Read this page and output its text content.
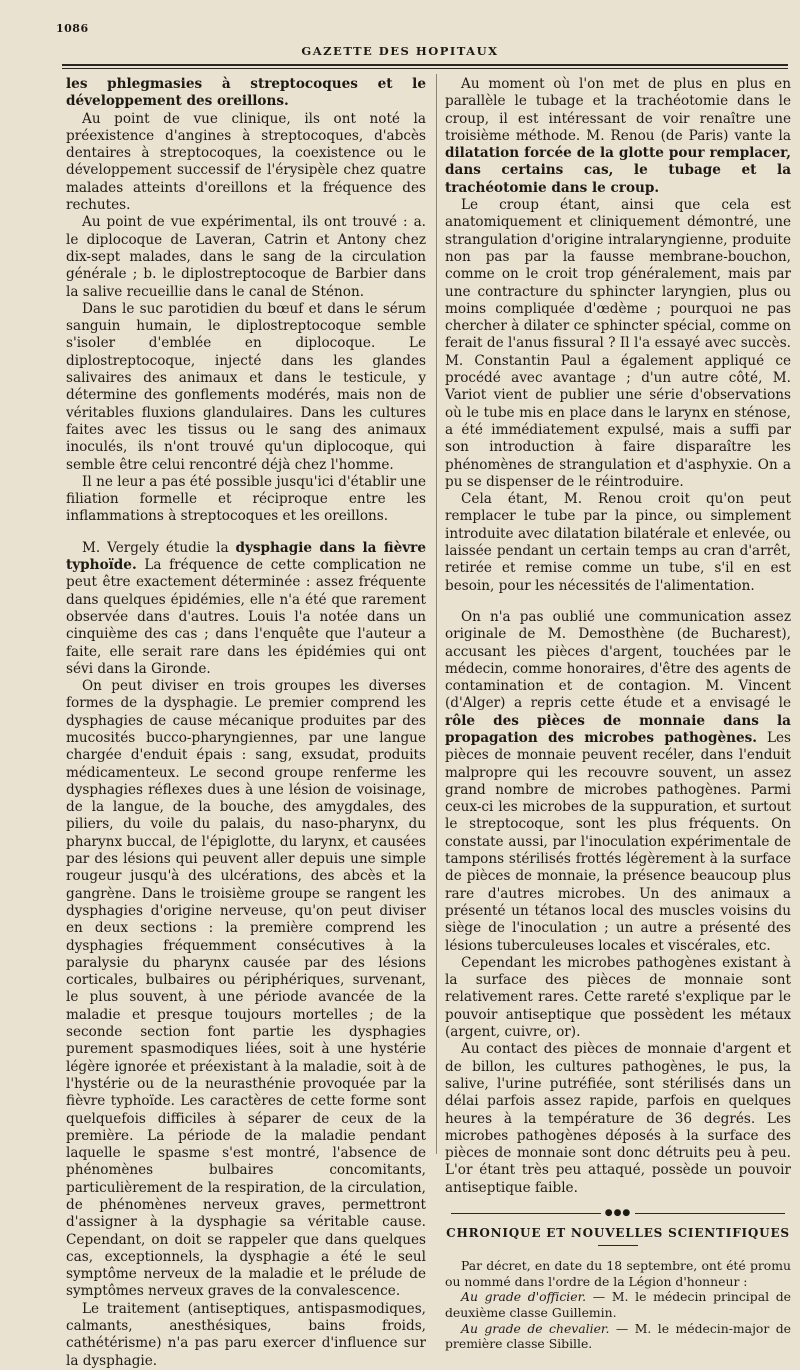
1086
GAZETTE DES HOPITAUX

les phlegmasies à streptocoques et le développement des oreillons.

Au point de vue clinique, ils ont noté la préexistence d'angines à streptocoques, d'abcès dentaires à streptocoques, la coexistence ou le développement successif de l'érysipèle chez quatre malades atteints d'oreillons et la fréquence des rechutes.

Au point de vue expérimental, ils ont trouvé : a. le diplocoque de Laveran, Catrin et Antony chez dix-sept malades, dans le sang de la circulation générale ; b. le diplostreptocoque de Barbier dans la salive recueillie dans le canal de Sténon.

Dans le suc parotidien du bœuf et dans le sérum sanguin humain, le diplostreptocoque semble s'isoler d'emblée en diplocoque. Le diplostreptocoque, injecté dans les glandes salivaires des animaux et dans le testicule, y détermine des gonflements modérés, mais non de véritables fluxions glandulaires. Dans les cultures faites avec les tissus ou le sang des animaux inoculés, ils n'ont trouvé qu'un diplocoque, qui semble être celui rencontré déjà chez l'homme.

Il ne leur a pas été possible jusqu'ici d'établir une filiation formelle et réciproque entre les inflammations à streptocoques et les oreillons.

M. Vergely étudie la dysphagie dans la fièvre typhoïde. La fréquence de cette complication ne peut être exactement déterminée : assez fréquente dans quelques épidémies, elle n'a été que rarement observée dans d'autres. Louis l'a notée dans un cinquième des cas ; dans l'enquête que l'auteur a faite, elle serait rare dans les épidémies qui ont sévi dans la Gironde.

On peut diviser en trois groupes les diverses formes de la dysphagie. Le premier comprend les dysphagies de cause mécanique produites par des mucosités bucco-pharyngiennes, par une langue chargée d'enduit épais : sang, exsudat, produits médicamenteux. Le second groupe renferme les dysphagies réflexes dues à une lésion de voisinage, de la langue, de la bouche, des amygdales, des piliers, du voile du palais, du naso-pharynx, du pharynx buccal, de l'épiglotte, du larynx, et causées par des lésions qui peuvent aller depuis une simple rougeur jusqu'à des ulcérations, des abcès et la gangrène. Dans le troisième groupe se rangent les dysphagies d'origine nerveuse, qu'on peut diviser en deux sections : la première comprend les dysphagies fréquemment consécutives à la paralysie du pharynx causée par des lésions corticales, bulbaires ou périphériques, survenant, le plus souvent, à une période avancée de la maladie et presque toujours mortelles ; de la seconde section font partie les dysphagies purement spasmodiques liées, soit à une hystérie légère ignorée et préexistant à la maladie, soit à de l'hystérie ou de la neurasthénie provoquée par la fièvre typhoïde. Les caractères de cette forme sont quelquefois difficiles à séparer de ceux de la première. La période de la maladie pendant laquelle le spasme s'est montré, l'absence de phénomènes bulbaires concomitants, particulièrement de la respiration, de la circulation, de phénomènes nerveux graves, permettront d'assigner à la dysphagie sa véritable cause. Cependant, on doit se rappeler que dans quelques cas, exceptionnels, la dysphagie a été le seul symptôme nerveux de la maladie et le prélude de symptômes nerveux graves de la convalescence.

Le traitement (antiseptiques, antispasmodiques, calmants, anesthésiques, bains froids, cathétérisme) n'a pas paru exercer d'influence sur la dysphagie.

Au moment où l'on met de plus en plus en parallèle le tubage et la trachéotomie dans le croup, il est intéressant de voir renaître une troisième méthode. M. Renou (de Paris) vante la dilatation forcée de la glotte pour remplacer, dans certains cas, le tubage et la trachéotomie dans le croup.

Le croup étant, ainsi que cela est anatomiquement et cliniquement démontré, une strangulation d'origine intralaryngienne, produite non pas par la fausse membrane-bouchon, comme on le croit trop généralement, mais par une contracture du sphincter laryngien, plus ou moins compliquée d'œdème ; pourquoi ne pas chercher à dilater ce sphincter spécial, comme on ferait de l'anus fissural ? Il l'a essayé avec succès. M. Constantin Paul a également appliqué ce procédé avec avantage ; d'un autre côté, M. Variot vient de publier une série d'observations où le tube mis en place dans le larynx en sténose, a été immédiatement expulsé, mais a suffi par son introduction à faire disparaître les phénomènes de strangulation et d'asphyxie. On a pu se dispenser de le réintroduire.

Cela étant, M. Renou croit qu'on peut remplacer le tube par la pince, ou simplement introduite avec dilatation bilatérale et enlevée, ou laissée pendant un certain temps au cran d'arrêt, retirée et remise comme un tube, s'il en est besoin, pour les nécessités de l'alimentation.

On n'a pas oublié une communication assez originale de M. Demosthène (de Bucharest), accusant les pièces d'argent, touchées par le médecin, comme honoraires, d'être des agents de contamination et de contagion. M. Vincent (d'Alger) a repris cette étude et a envisagé le rôle des pièces de monnaie dans la propagation des microbes pathogènes. Les pièces de monnaie peuvent recéler, dans l'enduit malpropre qui les recouvre souvent, un assez grand nombre de microbes pathogènes. Parmi ceux-ci les microbes de la suppuration, et surtout le streptocoque, sont les plus fréquents. On constate aussi, par l'inoculation expérimentale de tampons stérilisés frottés légèrement à la surface de pièces de monnaie, la présence beaucoup plus rare d'autres microbes. Un des animaux a présenté un tétanos local des muscles voisins du siège de l'inoculation ; un autre a présenté des lésions tuberculeuses locales et viscérales, etc.

Cependant les microbes pathogènes existant à la surface des pièces de monnaie sont relativement rares. Cette rareté s'explique par le pouvoir antiseptique que possèdent les métaux (argent, cuivre, or).

Au contact des pièces de monnaie d'argent et de billon, les cultures pathogènes, le pus, la salive, l'urine putréfiée, sont stérilisés dans un délai parfois assez rapide, parfois en quelques heures à la température de 36 degrés. Les microbes pathogènes déposés à la surface des pièces de monnaie sont donc détruits peu à peu. L'or étant très peu attaqué, possède un pouvoir antiseptique faible.

●●●
CHRONIQUE ET NOUVELLES SCIENTIFIQUES

Par décret, en date du 18 septembre, ont été promu ou nommé dans l'ordre de la Légion d'honneur :

Au grade d'officier. — M. le médecin principal de deuxième classe Guillemin.

Au grade de chevalier. — M. le médecin-major de première classe Sibille.
